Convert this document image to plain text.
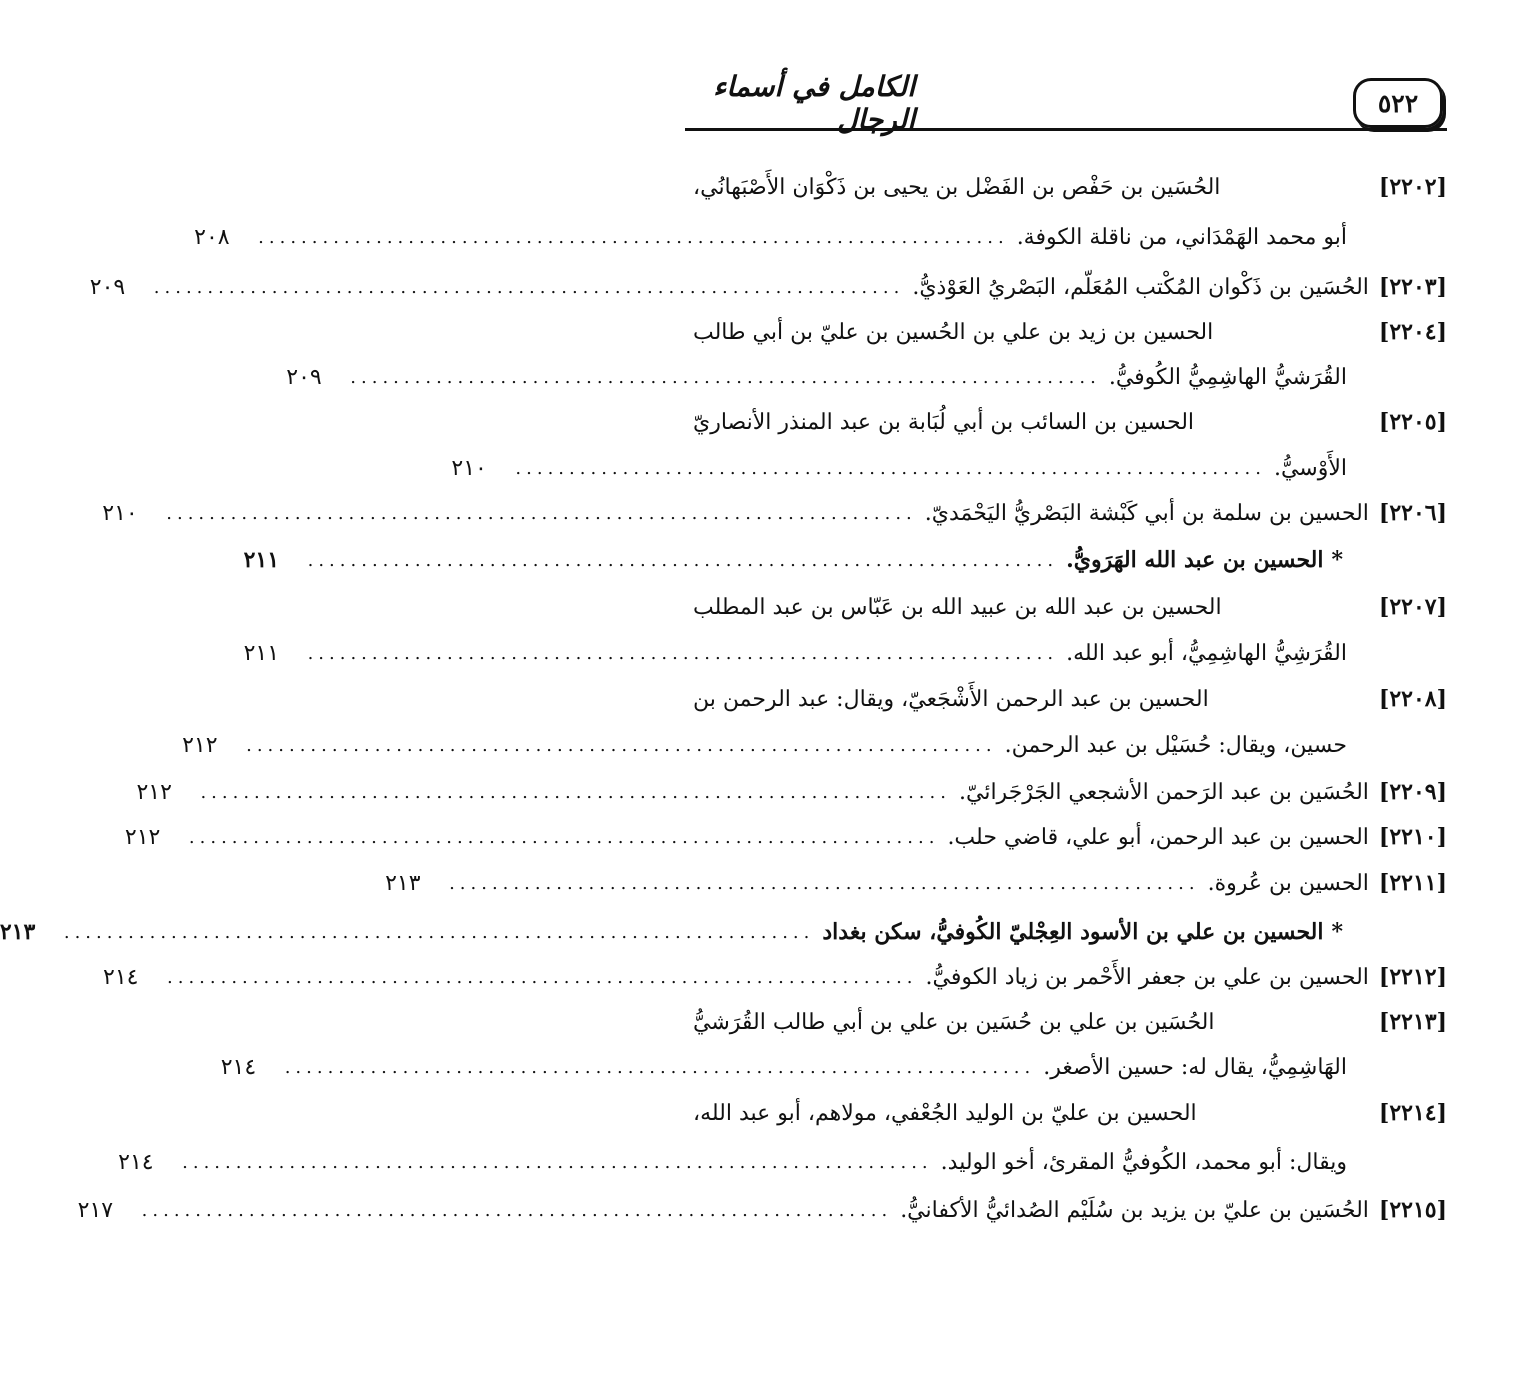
٥٢٢
الكامل في أسماء الرجال
[٢٢٠٢]
الحُسَين بن حَفْص بن الفَضْل بن يحيى بن ذَكْوَان الأَصْبَهانُي،
أبو محمد الهَمْدَاني، من ناقلة الكوفة.
......................................................................
٢٠٨
[٢٢٠٣]
الحُسَين بن ذَكْوان المُكْتب المُعَلّم، البَصْريُ العَوْذيُّ.
......................................................................
٢٠٩
[٢٢٠٤]
الحسين بن زيد بن علي بن الحُسين بن عليّ بن أبي طالب
القُرَشيُّ الهاشِمِيُّ الكُوفيُّ.
......................................................................
٢٠٩
[٢٢٠٥]
الحسين بن السائب بن أبي لُبَابة بن عبد المنذر الأنصاريّ
الأَوْسيُّ.
......................................................................
٢١٠
[٢٢٠٦]
الحسين بن سلمة بن أبي كَبْشة البَصْريُّ اليَحْمَديّ.
......................................................................
٢١٠
*
الحسين بن عبد الله الهَرَويُّ.
......................................................................
٢١١
[٢٢٠٧]
الحسين بن عبد الله بن عبيد الله بن عَبّاس بن عبد المطلب
القُرَشِيُّ الهاشِمِيُّ، أبو عبد الله.
......................................................................
٢١١
[٢٢٠٨]
الحسين بن عبد الرحمن الأَشْجَعيّ، ويقال: عبد الرحمن بن
حسين، ويقال: حُسَيْل بن عبد الرحمن.
......................................................................
٢١٢
[٢٢٠٩]
الحُسَين بن عبد الرَحمن الأشجعي الجَرْجَرائيّ.
......................................................................
٢١٢
[٢٢١٠]
الحسين بن عبد الرحمن، أبو علي، قاضي حلب.
......................................................................
٢١٢
[٢٢١١]
الحسين بن عُروة.
......................................................................
٢١٣
*
الحسين بن علي بن الأسود العِجْليّ الكُوفيُّ، سكن بغداد
......................................................................
٢١٣
[٢٢١٢]
الحسين بن علي بن جعفر الأَحْمر بن زياد الكوفيُّ.
......................................................................
٢١٤
[٢٢١٣]
الحُسَين بن علي بن حُسَين بن علي بن أبي طالب القُرَشيُّ
الهَاشِمِيُّ، يقال له: حسين الأصغر.
......................................................................
٢١٤
[٢٢١٤]
الحسين بن عليّ بن الوليد الجُعْفي، مولاهم، أبو عبد الله،
ويقال: أبو محمد، الكُوفيُّ المقرئ، أخو الوليد.
......................................................................
٢١٤
[٢٢١٥]
الحُسَين بن عليّ بن يزيد بن سُلَيْم الصُدائيُّ الأكفانيُّ.
......................................................................
٢١٧
